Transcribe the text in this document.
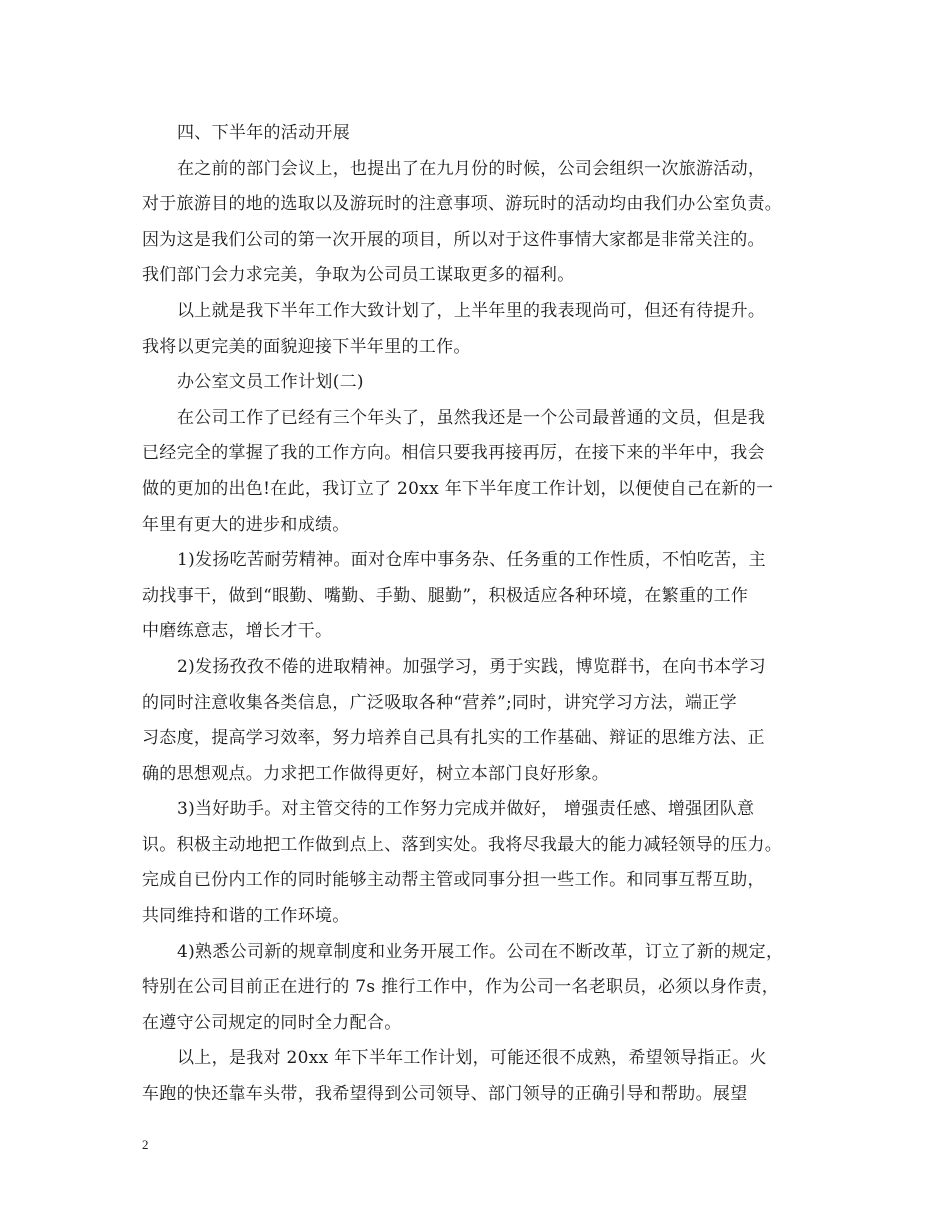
四、下半年的活动开展
在之前的部门会议上，也提出了在九月份的时候，公司会组织一次旅游活动，
对于旅游目的地的选取以及游玩时的注意事项、游玩时的活动均由我们办公室负责。
因为这是我们公司的第一次开展的项目，所以对于这件事情大家都是非常关注的。
我们部门会力求完美，争取为公司员工谋取更多的福利。
以上就是我下半年工作大致计划了，上半年里的我表现尚可，但还有待提升。
我将以更完美的面貌迎接下半年里的工作。
办公室文员工作计划(二)
在公司工作了已经有三个年头了，虽然我还是一个公司最普通的文员，但是我
已经完全的掌握了我的工作方向。相信只要我再接再厉，在接下来的半年中，我会
做的更加的出色!在此，我订立了 20xx 年下半年度工作计划，以便使自己在新的一
年里有更大的进步和成绩。
1)发扬吃苦耐劳精神。面对仓库中事务杂、任务重的工作性质，不怕吃苦，主
动找事干，做到“眼勤、嘴勤、手勤、腿勤”，积极适应各种环境，在繁重的工作
中磨练意志，增长才干。
2)发扬孜孜不倦的进取精神。加强学习，勇于实践，博览群书，在向书本学习
的同时注意收集各类信息，广泛吸取各种“营养”;同时，讲究学习方法，端正学
习态度，提高学习效率，努力培养自己具有扎实的工作基础、辩证的思维方法、正
确的思想观点。力求把工作做得更好，树立本部门良好形象。
3)当好助手。对主管交待的工作努力完成并做好， 增强责任感、增强团队意
识。积极主动地把工作做到点上、落到实处。我将尽我最大的能力减轻领导的压力。
完成自已份内工作的同时能够主动帮主管或同事分担一些工作。和同事互帮互助，
共同维持和谐的工作环境。
4)熟悉公司新的规章制度和业务开展工作。公司在不断改革，订立了新的规定，
特别在公司目前正在进行的 7s 推行工作中，作为公司一名老职员，必须以身作责，
在遵守公司规定的同时全力配合。
以上，是我对 20xx 年下半年工作计划，可能还很不成熟，希望领导指正。火
车跑的快还靠车头带，我希望得到公司领导、部门领导的正确引导和帮助。展望
2
